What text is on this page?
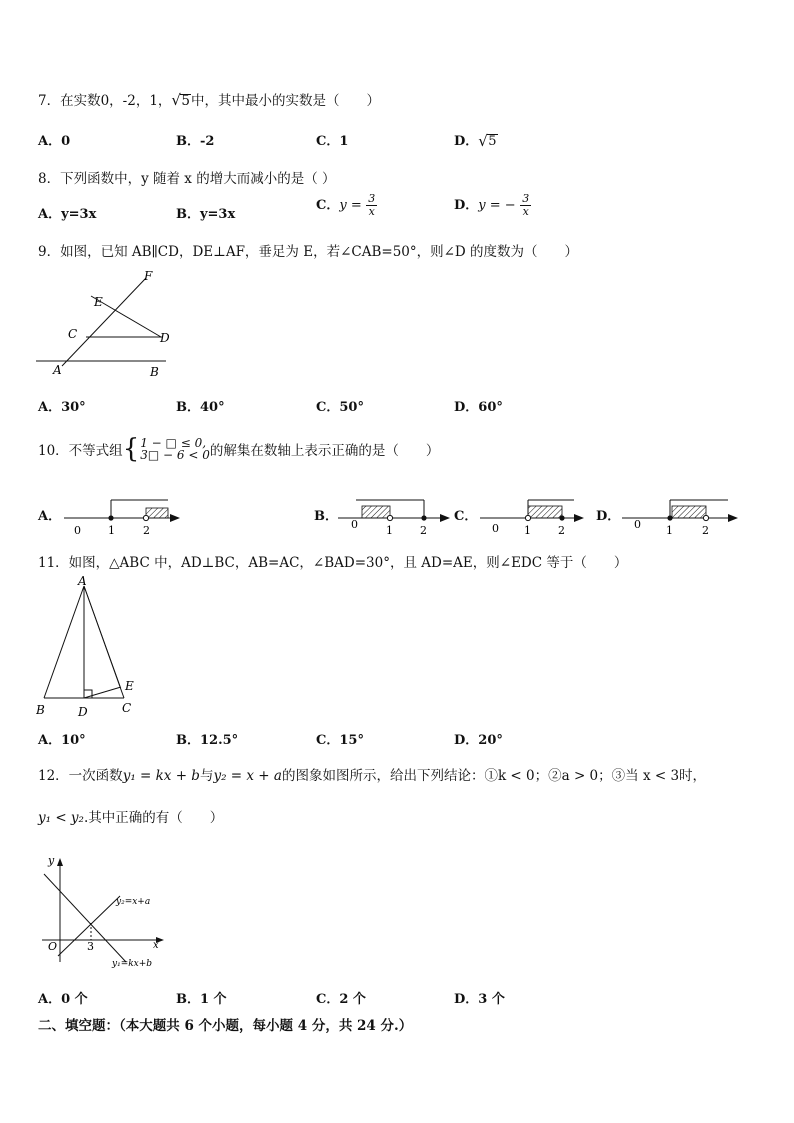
7．在实数0，-2，1， √ 5中，其中最小的实数是（　　）
A．0	B．-2	C．1	D． √ 5
8．下列函数中，y 随着 x 的增大而减小的是（ ）
A．y=3x	B．y=3x
C．$y = \frac{3}{x}$	D．y = − $\frac{3}{x}$
9．如图，已知 AB∥CD，DE⊥AF，垂足为 E，若∠CAB=50°，则∠D 的度数为（　　）
F
E
C	D
A	B
A．30°	B．40°	C．50°	D．60°
10．不等式组 { 1 − □ ≤ 0,
3□ − 6 < 0 的解集在数轴上表示正确的是（　　）
A．
0 1	2
B．
0	1 2
C．
0 1 2
D．
0 1	2
11．如图，△ABC 中，AD⊥BC，AB=AC，∠BAD=30°，且 AD=AE，则∠EDC 等于（　　）
A
B	D	C
E
A．10°	B．12.5°	C．15°	D．20°
12．一次函数y₁ = kx + b与y₂ = x + a的图象如图所示，给出下列结论：①k < 0；②a > 0；③当 x < 3时，
y₁ < y₂.其中正确的有（　　）
y
x
O	3
y₂=x+a
y₁=kx+b
A．0 个	B．1 个	C．2 个	D．3 个
二、填空题：（本大题共 6 个小题，每小题 4 分，共 24 分.）
